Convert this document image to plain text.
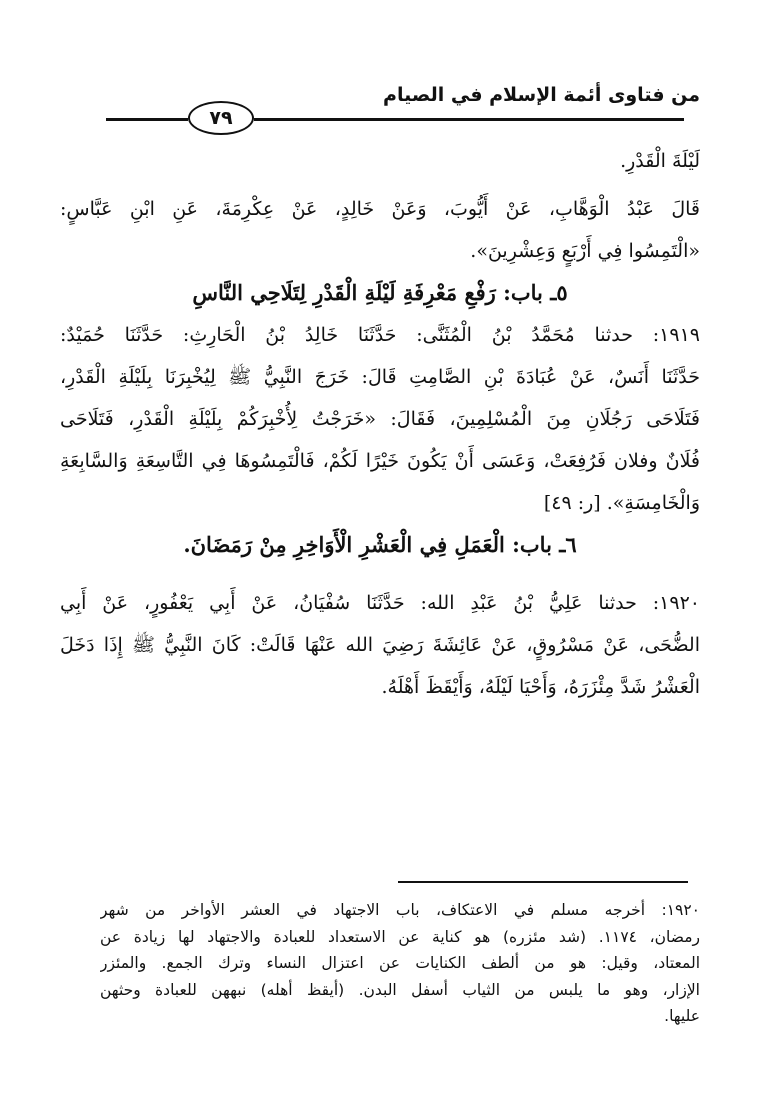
من فتاوى أئمة الإسلام في الصيام
٧٩
لَيْلَةَ الْقَدْرِ.
قَالَ عَبْدُ الْوَهَّابِ، عَنْ أَيُّوبَ، وَعَنْ خَالِدٍ، عَنْ عِكْرِمَةَ، عَنِ ابْنِ عَبَّاسٍ:
«الْتَمِسُوا فِي أَرْبَعٍ وَعِشْرِينَ».
٥ـ باب: رَفْعِ مَعْرِفَةِ لَيْلَةِ الْقَدْرِ لِتَلَاحِي النَّاسِ
١٩١٩: حدثنا مُحَمَّدُ بْنُ الْمُثَنَّى: حَدَّثَنَا خَالِدُ بْنُ الْحَارِثِ: حَدَّثَنَا حُمَيْدٌ:
حَدَّثَنَا أَنَسٌ، عَنْ عُبَادَةَ بْنِ الصَّامِتِ قَالَ: خَرَجَ النَّبِيُّ ﷺ لِيُخْبِرَنَا بِلَيْلَةِ الْقَدْرِ،
فَتَلَاحَى رَجُلَانِ مِنَ الْمُسْلِمِينَ، فَقَالَ: «خَرَجْتُ لِأُخْبِرَكُمْ بِلَيْلَةِ الْقَدْرِ، فَتَلَاحَى
فُلَانٌ وفلان فَرُفِعَتْ، وَعَسَى أَنْ يَكُونَ خَيْرًا لَكُمْ، فَالْتَمِسُوهَا فِي التَّاسِعَةِ وَالسَّابِعَةِ
وَالْخَامِسَةِ». [ر: ٤٩]
٦ـ باب: الْعَمَلِ فِي الْعَشْرِ الْأَوَاخِرِ مِنْ رَمَضَانَ.
١٩٢٠: حدثنا عَلِيُّ بْنُ عَبْدِ الله: حَدَّثَنَا سُفْيَانُ، عَنْ أَبِي يَعْفُورٍ، عَنْ أَبِي
الضُّحَى، عَنْ مَسْرُوقٍ، عَنْ عَائِشَةَ رَضِيَ الله عَنْهَا قَالَتْ: كَانَ النَّبِيُّ ﷺ إِذَا دَخَلَ
الْعَشْرُ شَدَّ مِئْزَرَهُ، وَأَحْيَا لَيْلَهُ، وَأَيْقَظَ أَهْلَهُ.
١٩٢٠: أخرجه مسلم في الاعتكاف، باب الاجتهاد في العشر الأواخر من شهر
رمضان، ١١٧٤. (شد مئزره) هو كناية عن الاستعداد للعبادة والاجتهاد لها زيادة عن
المعتاد، وقيل: هو من ألطف الكنايات عن اعتزال النساء وترك الجمع. والمئزر
الإزار، وهو ما يلبس من الثياب أسفل البدن. (أيقظ أهله) نبههن للعبادة وحثهن
عليها.
